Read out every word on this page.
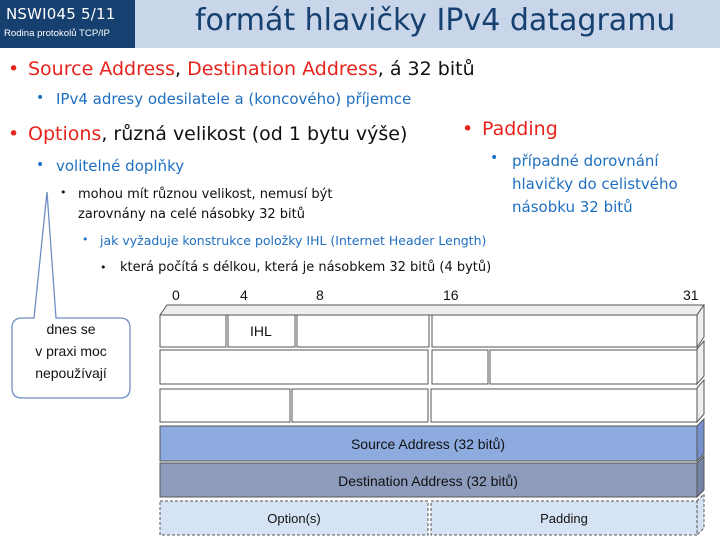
NSWI045 5/11
Rodina protokolů TCP/IP	formát hlavičky IPv4 datagramu
• Source Address, Destination Address, á 32 bitů
• IPv4 adresy odesilatele a (koncového) příjemce
• Options, různá velikost (od 1 bytu výše)
• volitelné doplňky
• mohou mít různou velikost, nemusí být
zarovnány na celé násobky 32 bitů
• jak vyžaduje konstrukce položky IHL (Internet Header Length)
• která počítá s délkou, která je násobkem 32 bitů (4 bytů)
• Padding
• případné dorovnání
hlavičky do celistvého
násobku 32 bitů
dnes se
v praxi moc
nepoužívají
0	4	8	16	31
IHL
Source Address (32 bitů)
Destination Address (32 bitů)
Option(s)	Padding
